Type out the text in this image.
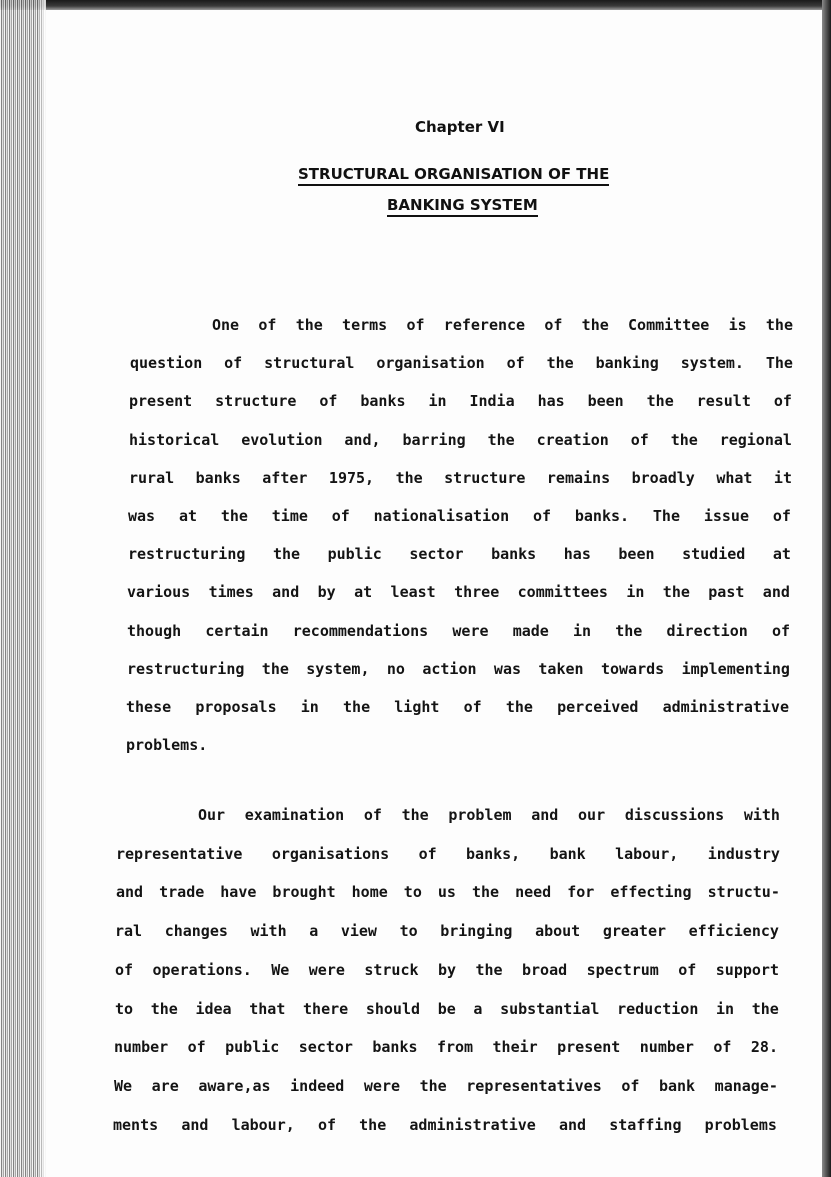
Chapter VI
STRUCTURAL ORGANISATION OF THE
BANKING SYSTEM
One of the terms of reference of the Committee is the
question of structural organisation of the banking system. The
present structure of banks in India has been the result of
historical evolution and, barring the creation of the regional
rural banks after 1975, the structure remains broadly what it
was at the time of nationalisation of banks. The issue of
restructuring the public sector banks has been studied at
various times and by at least three committees in the past and
though certain recommendations were made in the direction of
restructuring the system, no action was taken towards implementing
these proposals in the light of the perceived administrative
problems.
Our examination of the problem and our discussions with
representative organisations of banks, bank labour, industry
and trade have brought home to us the need for effecting structu-
ral changes with a view to bringing about greater efficiency
of operations. We were struck by the broad spectrum of support
to the idea that there should be a substantial reduction in the
number of public sector banks from their present number of 28.
We are aware,as indeed were the representatives of bank manage-
ments and labour, of the administrative and staffing problems
